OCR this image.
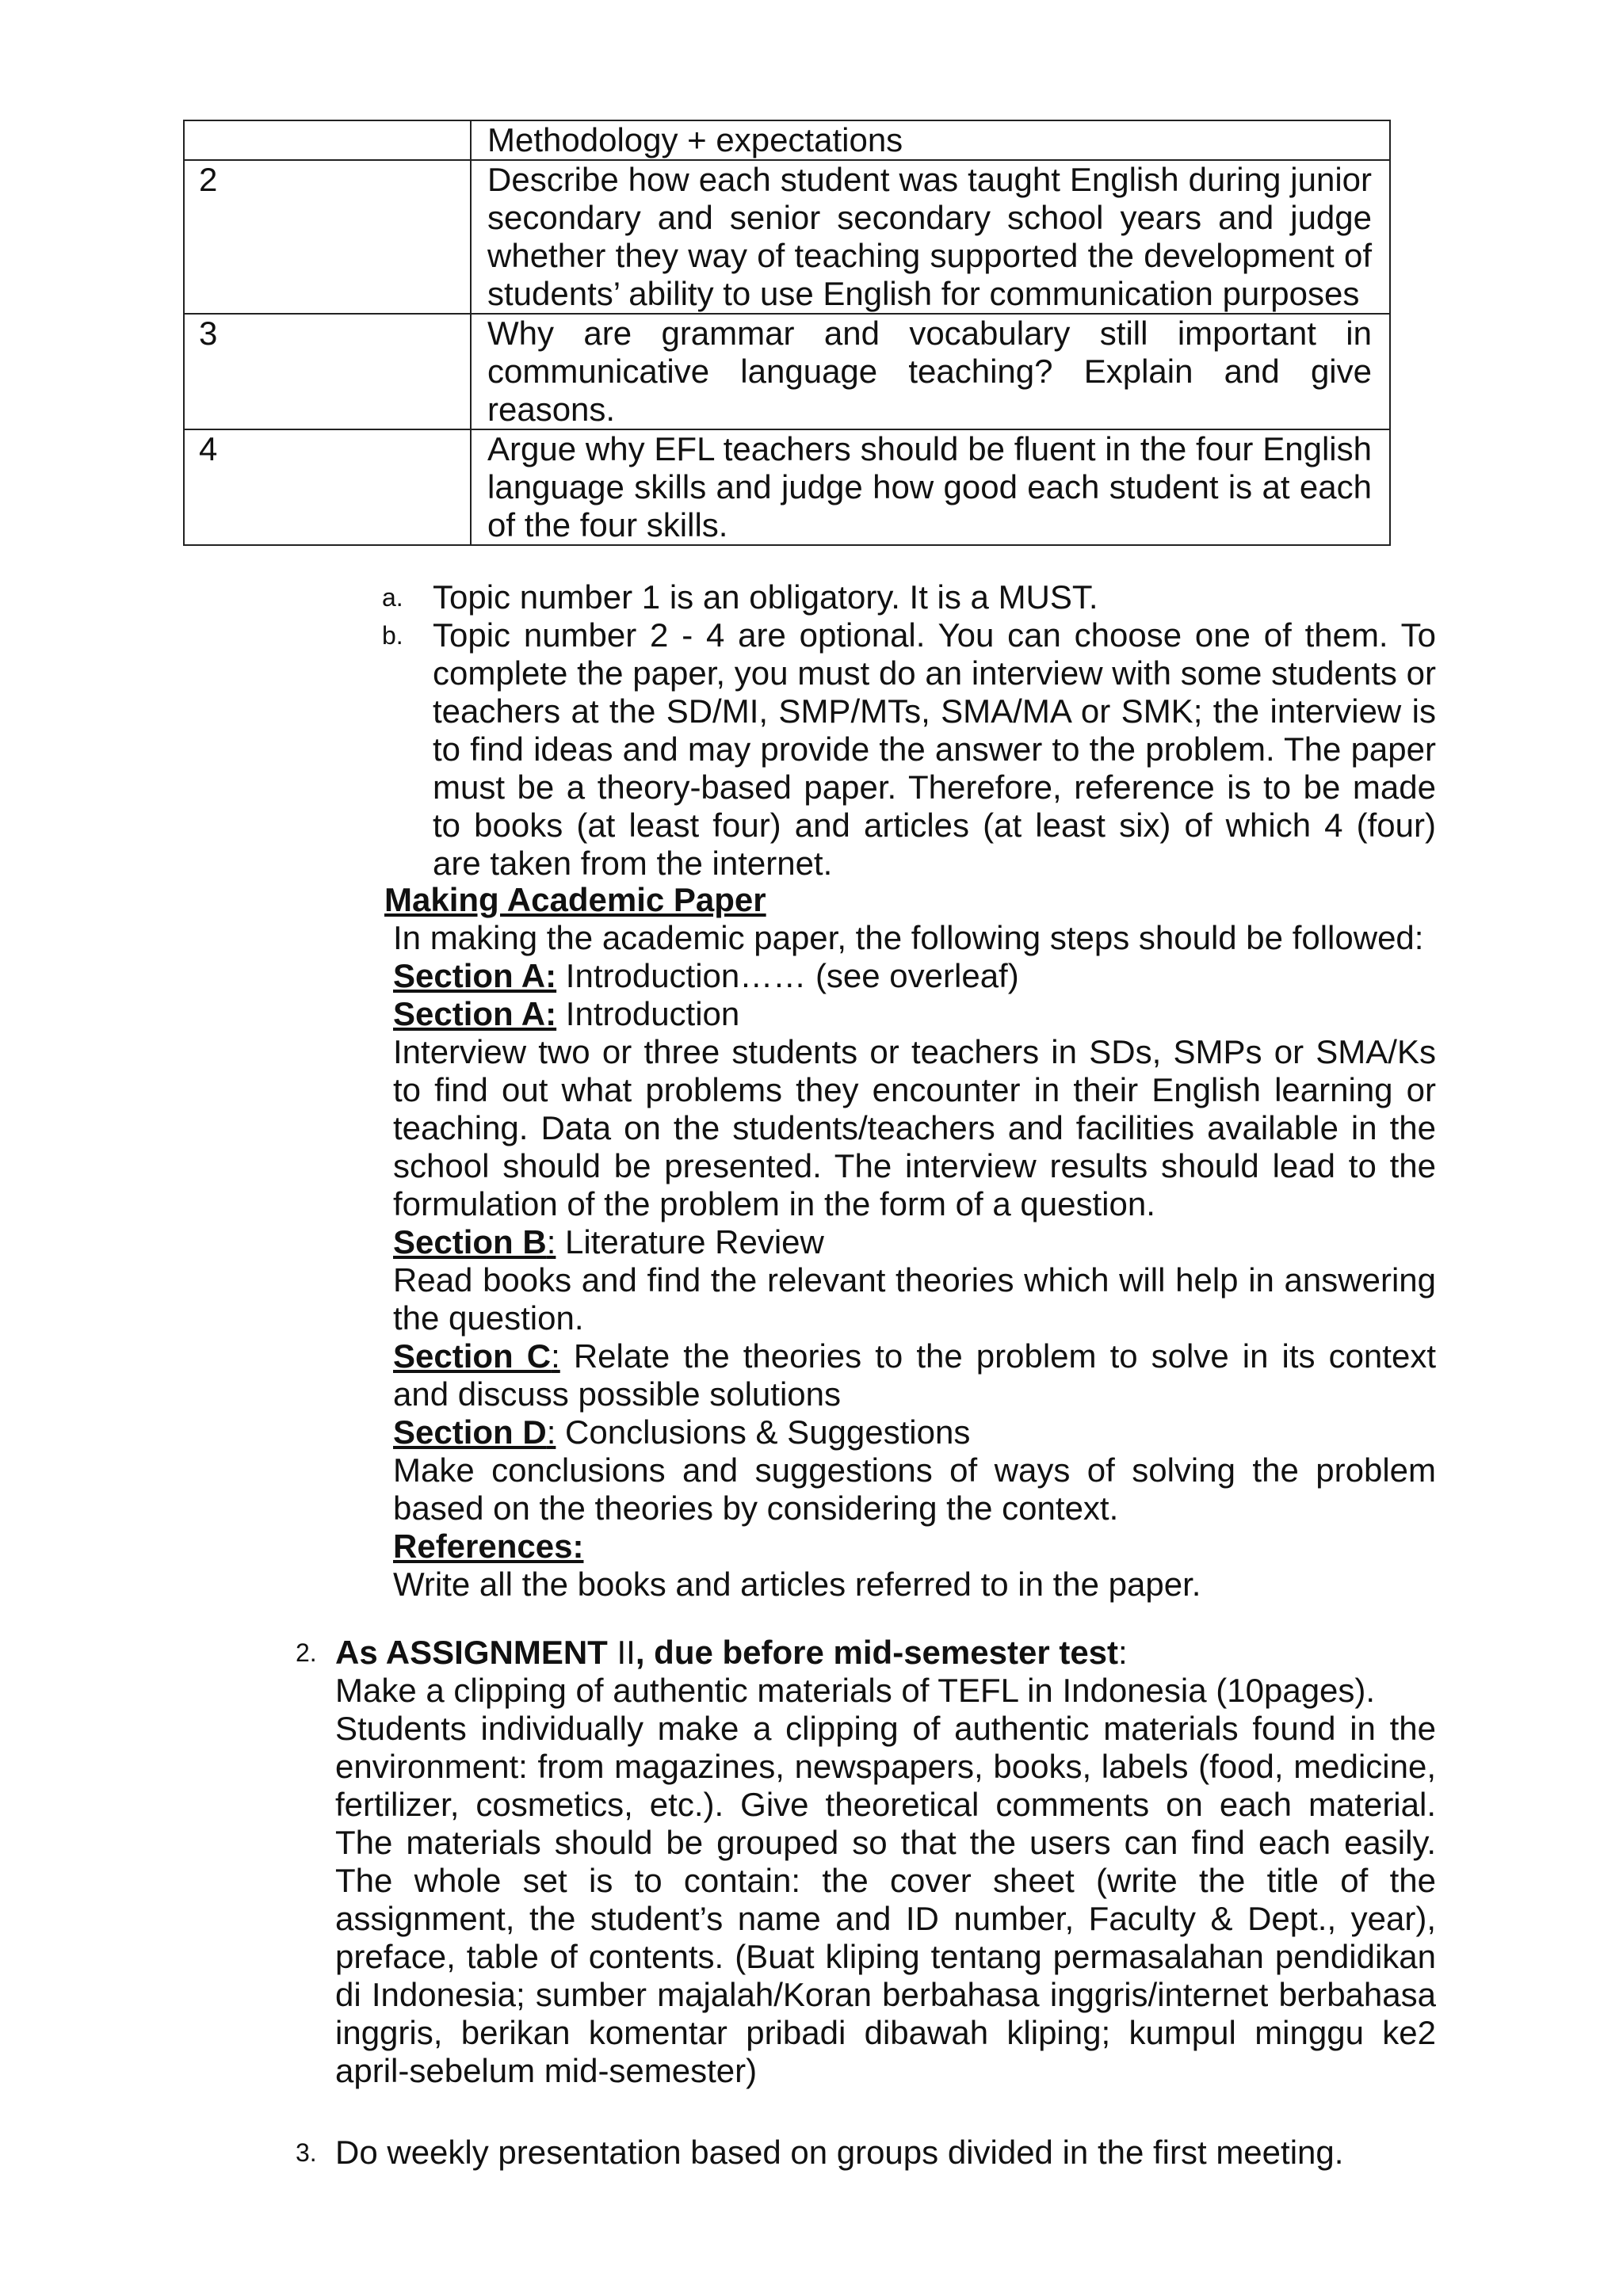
	Methodology + expectations
2	Describe how each student was taught English during junior secondary and senior secondary school years and judge whether they way of teaching supported the development of students’ ability to use English for communication purposes
3	Why are grammar and vocabulary still important in communicative language teaching? Explain and give reasons.
4	Argue why EFL teachers should be fluent in the four English language skills and judge how good each student is at each of the four skills.
a. Topic number 1 is an obligatory. It is a MUST.
b. Topic number 2 - 4 are optional. You can choose one of them. To complete the paper, you must do an interview with some students or teachers at the SD/MI, SMP/MTs, SMA/MA or SMK; the interview is to find ideas and may provide the answer to the problem. The paper must be a theory-based paper. Therefore, reference is to be made to books (at least four) and articles (at least six) of which 4 (four) are taken from the internet.
Making Academic Paper

In making the academic paper, the following steps should be followed:

Section A: Introduction…… (see overleaf)

Section A: Introduction

Interview two or three students or teachers in SDs, SMPs or SMA/Ks to find out what problems they encounter in their English learning or teaching. Data on the students/teachers and facilities available in the school should be presented. The interview results should lead to the formulation of the problem in the form of a question.

Section B: Literature Review

Read books and find the relevant theories which will help in answering the question.

Section C: Relate the theories to the problem to solve in its context and discuss possible solutions

Section D: Conclusions & Suggestions

Make conclusions and suggestions of ways of solving the problem based on the theories by considering the context.

References:

Write all the books and articles referred to in the paper.

2. As ASSIGNMENT II, due before mid-semester test:

Make a clipping of authentic materials of TEFL in Indonesia (10pages).

Students individually make a clipping of authentic materials found in the environment: from magazines, newspapers, books, labels (food, medicine, fertilizer, cosmetics, etc.). Give theoretical comments on each material. The materials should be grouped so that the users can find each easily. The whole set is to contain: the cover sheet (write the title of the assignment, the student’s name and ID number, Faculty & Dept., year), preface, table of contents. (Buat kliping tentang permasalahan pendidikan di Indonesia; sumber majalah/Koran berbahasa inggris/internet berbahasa inggris, berikan komentar pribadi dibawah kliping; kumpul minggu ke2 april-sebelum mid-semester)

3. Do weekly presentation based on groups divided in the first meeting.
